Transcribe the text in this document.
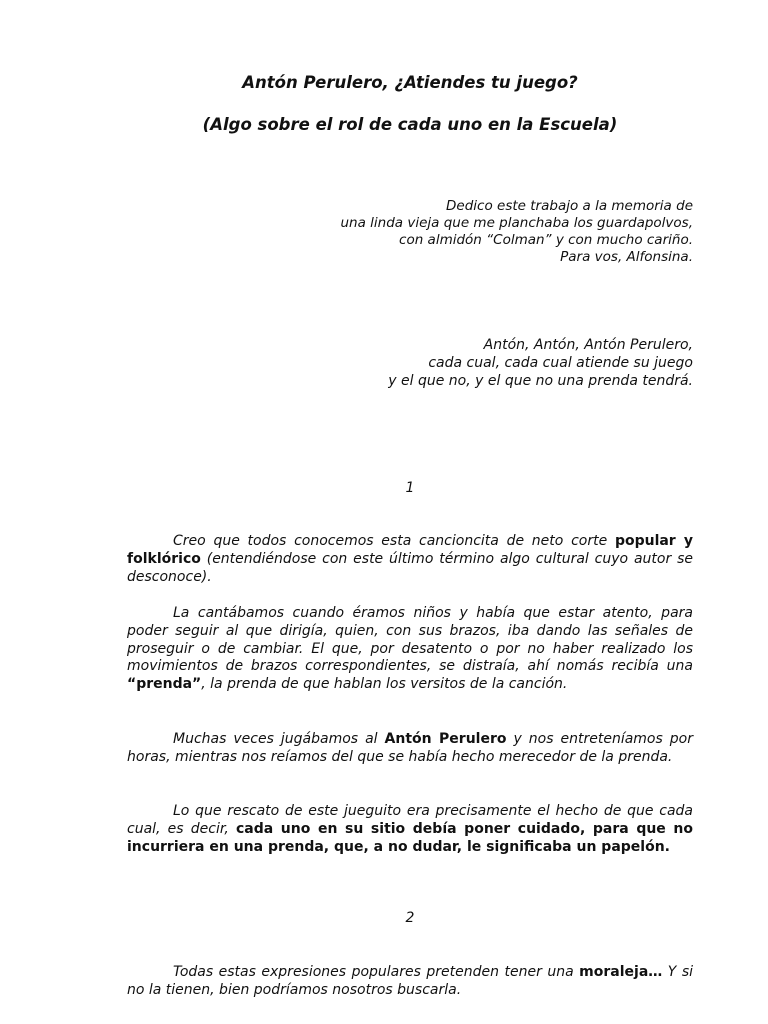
Antón Perulero, ¿Atiendes tu juego?
(Algo sobre el rol de cada uno en la Escuela)
Dedico este trabajo a la memoria de
una linda vieja que me planchaba los guardapolvos,
con almidón “Colman” y con mucho cariño.
Para vos, Alfonsina.
Antón, Antón, Antón Perulero,
cada cual, cada cual atiende su juego
y el que no, y el que no una prenda tendrá.
1

Creo que todos conocemos esta cancioncita de neto corte popular y folklórico (entendiéndose con este último término algo cultural cuyo autor se desconoce).

La cantábamos cuando éramos niños y había que estar atento, para poder seguir al que dirigía, quien, con sus brazos, iba dando las señales de proseguir o de cambiar. El que, por desatento o por no haber realizado los movimientos de brazos correspondientes, se distraía, ahí nomás recibía una “prenda”, la prenda de que hablan los versitos de la canción.

Muchas veces jugábamos al Antón Perulero y nos entreteníamos por horas, mientras nos reíamos del que se había hecho merecedor de la prenda.

Lo que rescato de este jueguito era precisamente el hecho de que cada cual, es decir, cada uno en su sitio debía poner cuidado, para que no incurriera en una prenda, que, a no dudar, le significaba un papelón.

2

Todas estas expresiones populares pretenden tener una moraleja… Y si no la tienen, bien podríamos nosotros buscarla.
